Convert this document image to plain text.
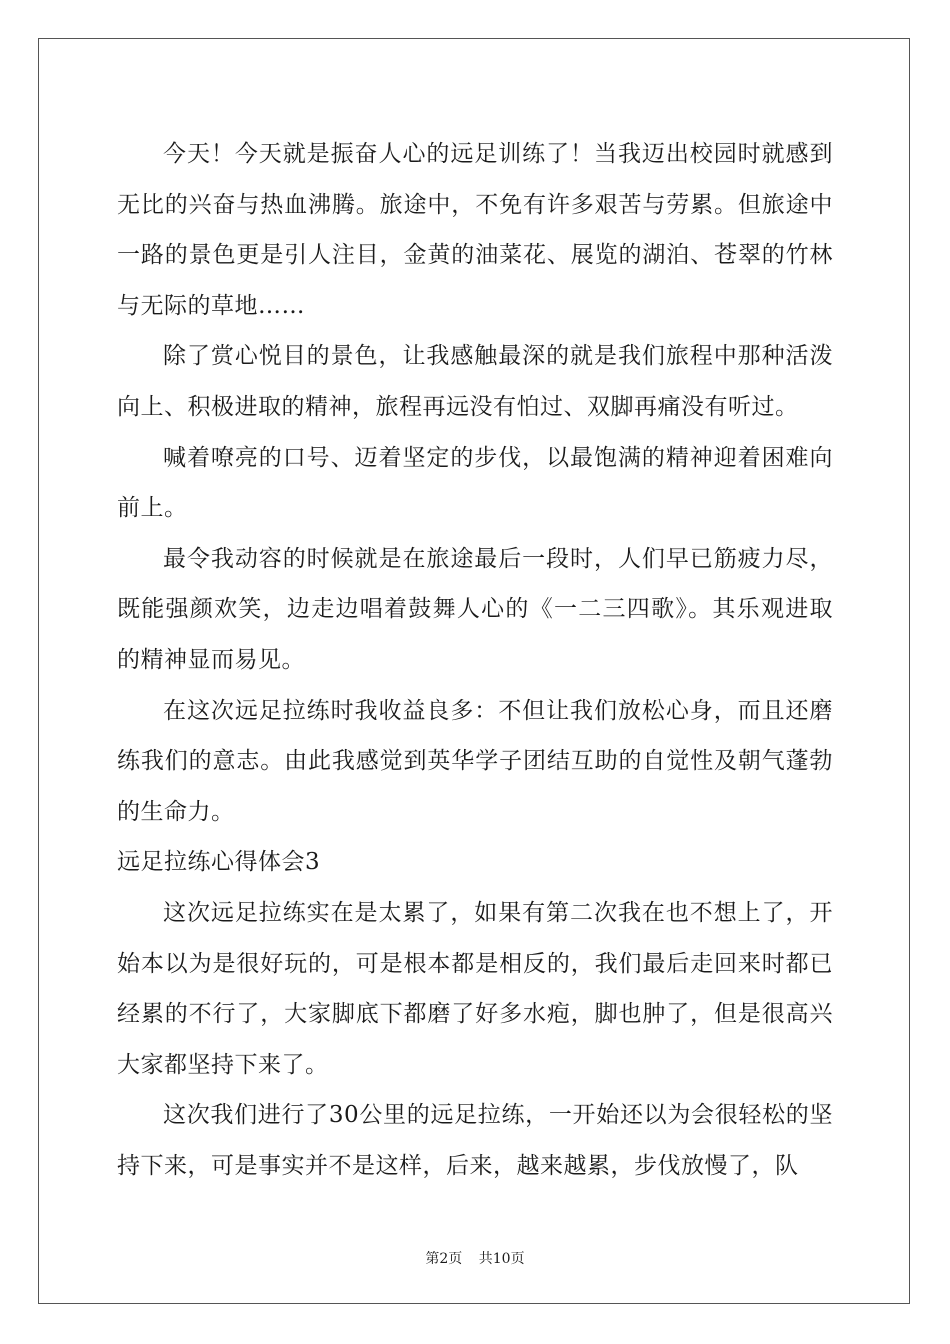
今天！今天就是振奋人心的远足训练了！当我迈出校园时就感到无比的兴奋与热血沸腾。旅途中，不免有许多艰苦与劳累。但旅途中一路的景色更是引人注目，金黄的油菜花、展览的湖泊、苍翠的竹林与无际的草地……

除了赏心悦目的景色，让我感触最深的就是我们旅程中那种活泼向上、积极进取的精神，旅程再远没有怕过、双脚再痛没有听过。

喊着嘹亮的口号、迈着坚定的步伐，以最饱满的精神迎着困难向前上。

最令我动容的时候就是在旅途最后一段时，人们早已筋疲力尽，既能强颜欢笑，边走边唱着鼓舞人心的《一二三四歌》。其乐观进取的精神显而易见。

在这次远足拉练时我收益良多：不但让我们放松心身，而且还磨练我们的意志。由此我感觉到英华学子团结互助的自觉性及朝气蓬勃的生命力。

远足拉练心得体会3

这次远足拉练实在是太累了，如果有第二次我在也不想上了，开始本以为是很好玩的，可是根本都是相反的，我们最后走回来时都已经累的不行了，大家脚底下都磨了好多水疱，脚也肿了，但是很高兴大家都坚持下来了。

这次我们进行了30公里的远足拉练，一开始还以为会很轻松的坚持下来，可是事实并不是这样，后来，越来越累，步伐放慢了，队

第2页 共10页
